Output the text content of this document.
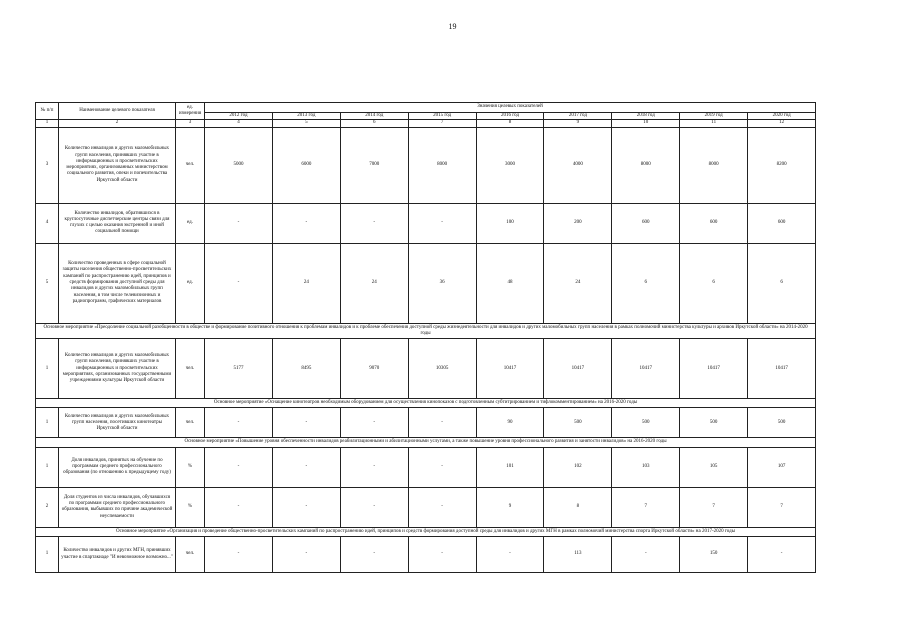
19
№ п/п	Наименование целевого показателя	ед. измерения	Значения целевых показателей								
			2012 год	2013 год	2014 год	2015 год	2016 год	2017 год	2018 год	2019 год	2020 год
1	2	3	4	5	6	7	8	9	10	11	12
3	Количество инвалидов и других маломобильных групп населения, принявших участие в информационных и просветительских мероприятиях, организованных министерством социального развития, опеки и попечительства Иркутской области	чел.	5000	6000	7000	8000	3000	4000	8000	8000	8200
4	Количество инвалидов, обратившихся в круглосуточные диспетчерские центры связи для глухих с целью оказания экстренной и иной социальной помощи	ед.	-	-	-	-	100	200	600	600	600
5	Количество проведенных в сфере социальной защиты населения общественно-просветительских кампаний по распространению идей, принципов и средств формирования доступной среды для инвалидов и других маломобильных групп населения, в том числе телевизионных и радиопрограмм, графических материалов	ед.	-	24	24	36	48	24	6	6	6
Основное мероприятие «Преодоление социальной разобщенности в обществе и формирование позитивного отношения к проблемам инвалидов и к проблеме обеспечения доступной среды жизнедеятельности для инвалидов и других маломобильных групп населения в рамках полномочий министерства культуры и архивов Иркутской области» на 2014-2020 годы											
1	Количество инвалидов и других маломобильных групп населения, принявших участие в информационных и просветительских мероприятиях, организованных государственными учреждениями культуры Иркутской области	чел.	5177	8495	9070	10305	10417	10417	10417	10417	10417
Основное мероприятие «Оснащение кинотеатров необходимым оборудованием для осуществления кинопоказов с подготовленным субтитрированием и тифлокомментированием» на 2016-2020 годы											
1	Количество инвалидов и других маломобильных групп населения, посетивших кинотеатры Иркутской области	чел.	-	-	-	-	90	500	500	500	500
Основное мероприятие «Повышение уровня обеспеченности инвалидов реабилитационными и абилитационными услугами, а также повышение уровня профессионального развития и занятости инвалидов» на 2016-2020 годы											
1	Доля инвалидов, принятых на обучение по программам среднего профессионального образования (по отношению к предыдущему году)	%	-	-	-	-	101	102	103	105	107
2	Доля студентов из числа инвалидов, обучавшихся по программам среднего профессионального образования, выбывших по причине академической неуспеваемости	%	-	-	-	-	9	8	7	7	7
Основное мероприятие «Организация и проведение общественно-просветительских кампаний по распространению идей, принципов и средств формирования доступной среды для инвалидов и других МГН в рамках полномочий министерства спорта Иркутской области» на 2017-2020 годы											
1	Количество инвалидов и других МГН, принявших участие в спартакиаде "И невозможное возможно..."	чел.	-	-	-	-	-	113	-	150	-
